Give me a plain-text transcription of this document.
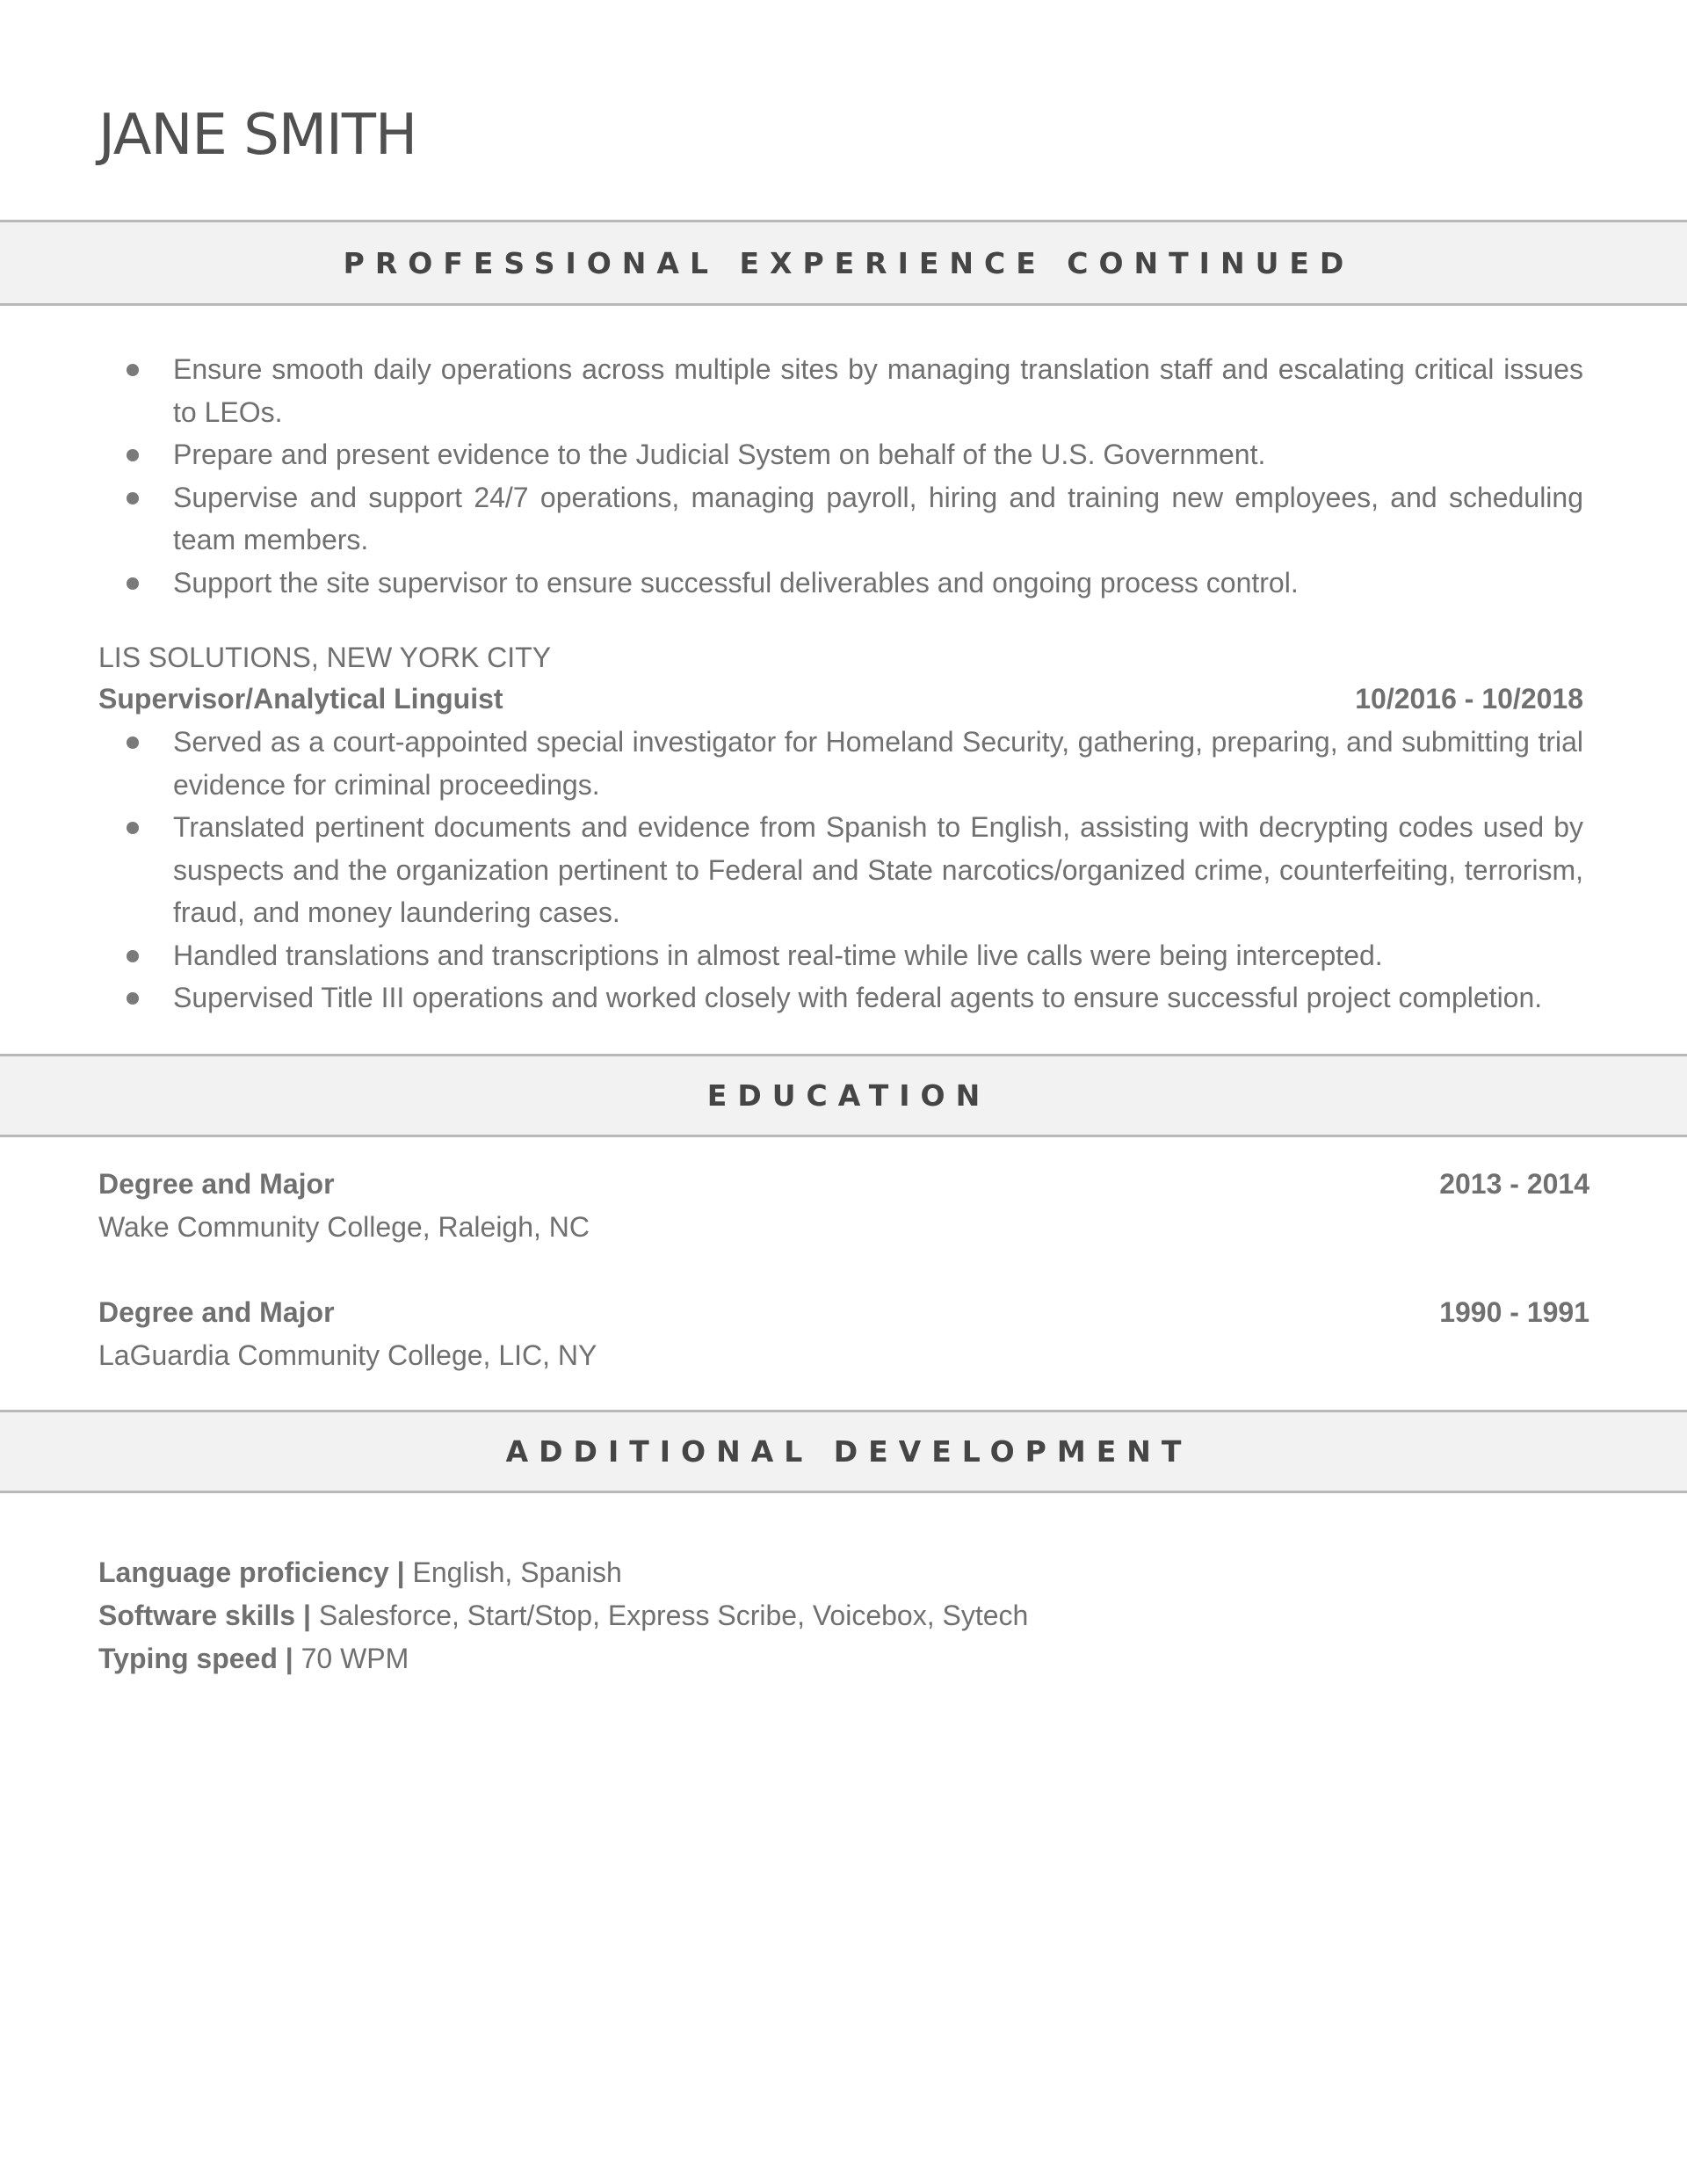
JANE SMITH
PROFESSIONAL EXPERIENCE CONTINUED
Ensure smooth daily operations across multiple sites by managing translation staff and escalating critical issues to LEOs.
Prepare and present evidence to the Judicial System on behalf of the U.S. Government.
Supervise and support 24/7 operations, managing payroll, hiring and training new employees, and scheduling team members.
Support the site supervisor to ensure successful deliverables and ongoing process control.

LIS SOLUTIONS, NEW YORK CITY

Supervisor/Analytical Linguist	10/2016 - 10/2018
Served as a court-appointed special investigator for Homeland Security, gathering, preparing, and submitting trial evidence for criminal proceedings.
Translated pertinent documents and evidence from Spanish to English, assisting with decrypting codes used by suspects and the organization pertinent to Federal and State narcotics/organized crime, counterfeiting, terrorism, fraud, and money laundering cases.
Handled translations and transcriptions in almost real-time while live calls were being intercepted.
Supervised Title III operations and worked closely with federal agents to ensure successful project completion.
EDUCATION
Degree and Major	2013 - 2014

Wake Community College, Raleigh, NC

Degree and Major	1990 - 1991

LaGuardia Community College, LIC, NY

ADDITIONAL DEVELOPMENT

Language proficiency | English, Spanish

Software skills | Salesforce, Start/Stop, Express Scribe, Voicebox, Sytech

Typing speed | 70 WPM
